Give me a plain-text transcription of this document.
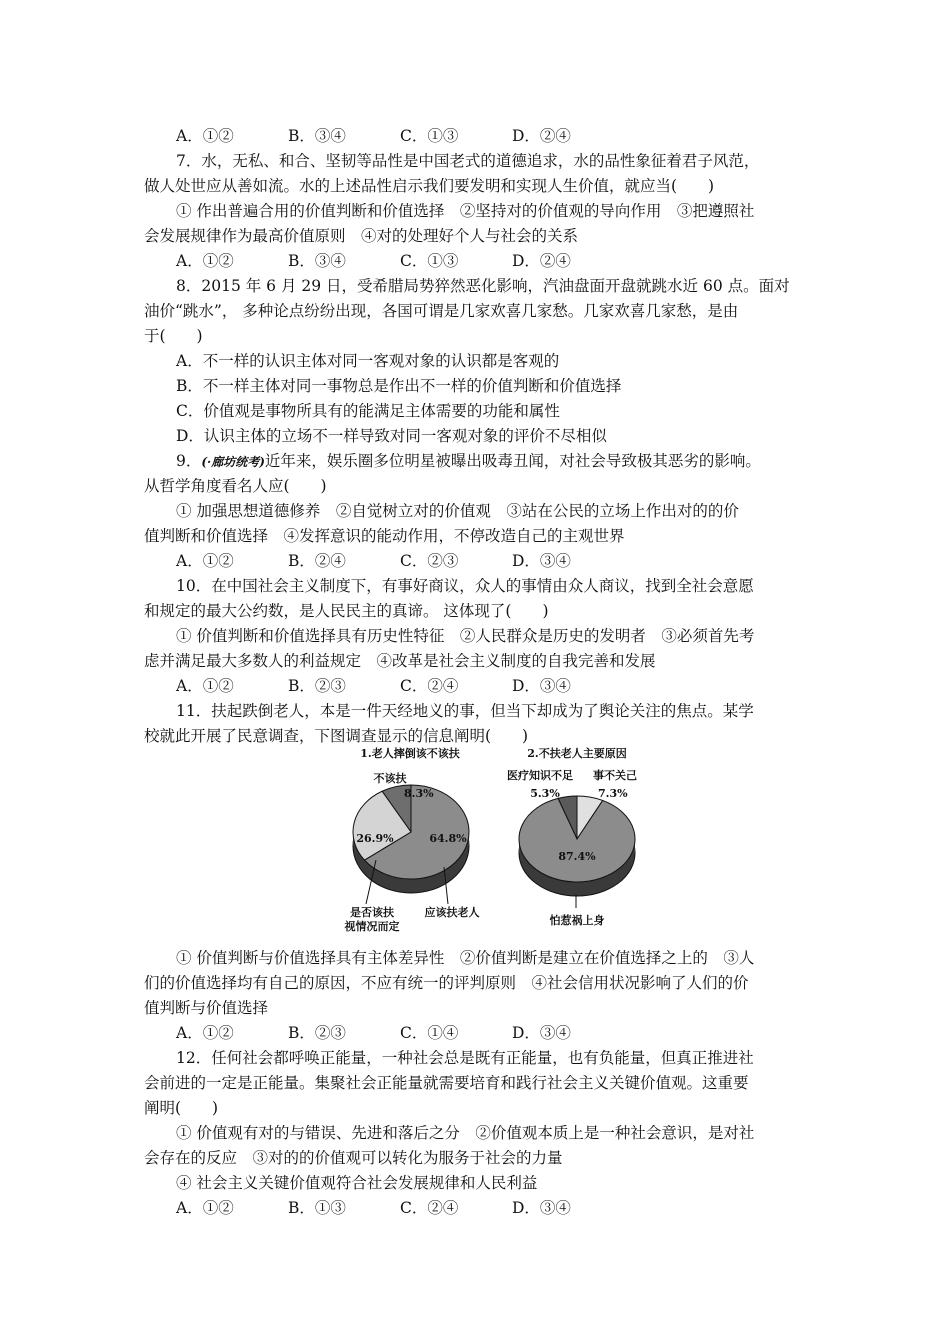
A．①②	B．③④	C．①③	D．②④
7．水，无私、和合、坚韧等品性是中国老式的道德追求，水的品性象征着君子风范，
做人处世应从善如流。水的上述品性启示我们要发明和实现人生价值，就应当(　　)
① 作出普遍合用的价值判断和价值选择　②坚持对的价值观的导向作用　③把遵照社
会发展规律作为最高价值原则　④对的处理好个人与社会的关系
A．①②	B．③④	C．①③	D．②④
8．2015 年 6 月 29 日，受希腊局势猝然恶化影响，汽油盘面开盘就跳水近 60 点。面对
油价“跳水”， 多种论点纷纷出现，各国可谓是几家欢喜几家愁。几家欢喜几家愁，是由
于(　　)
A．不一样的认识主体对同一客观对象的认识都是客观的
B．不一样主体对同一事物总是作出不一样的价值判断和价值选择
C．价值观是事物所具有的能满足主体需要的功能和属性
D．认识主体的立场不一样导致对同一客观对象的评价不尽相似
9．(·廊坊统考)近年来，娱乐圈多位明星被曝出吸毒丑闻，对社会导致极其恶劣的影响。
从哲学角度看名人应(　　)
① 加强思想道德修养　②自觉树立对的价值观　③站在公民的立场上作出对的的价
值判断和价值选择　④发挥意识的能动作用，不停改造自己的主观世界
A．①②	B．②④	C．②③	D．③④
10．在中国社会主义制度下，有事好商议，众人的事情由众人商议，找到全社会意愿
和规定的最大公约数，是人民民主的真谛。 这体现了(　　)
① 价值判断和价值选择具有历史性特征　②人民群众是历史的发明者　③必须首先考
虑并满足最大多数人的利益规定　④改革是社会主义制度的自我完善和发展
A．①②	B．②③	C．②④	D．③④
11．扶起跌倒老人，本是一件天经地义的事，但当下却成为了舆论关注的焦点。某学
校就此开展了民意调查，下图调查显示的信息阐明(　　)
1.老人摔倒该不该扶	2.不扶老人主要原因
不该扶
是否该扶
视情况而定
应该扶老人
医疗知识不足 事不关己
怕惹祸上身
8.3%
26.9%	64.8%
5.3%	7.3%
87.4%
① 价值判断与价值选择具有主体差异性　②价值判断是建立在价值选择之上的　③人
们的价值选择均有自己的原因，不应有统一的评判原则　④社会信用状况影响了人们的价
值判断与价值选择
A．①②	B．②③	C．①④	D．③④
12．任何社会都呼唤正能量，一种社会总是既有正能量，也有负能量，但真正推进社
会前进的一定是正能量。集聚社会正能量就需要培育和践行社会主义关键价值观。这重要
阐明(　　)
① 价值观有对的与错误、先进和落后之分　②价值观本质上是一种社会意识，是对社
会存在的反应　③对的的价值观可以转化为服务于社会的力量
④ 社会主义关键价值观符合社会发展规律和人民利益
A．①②	B．①③	C．②④	D．③④
